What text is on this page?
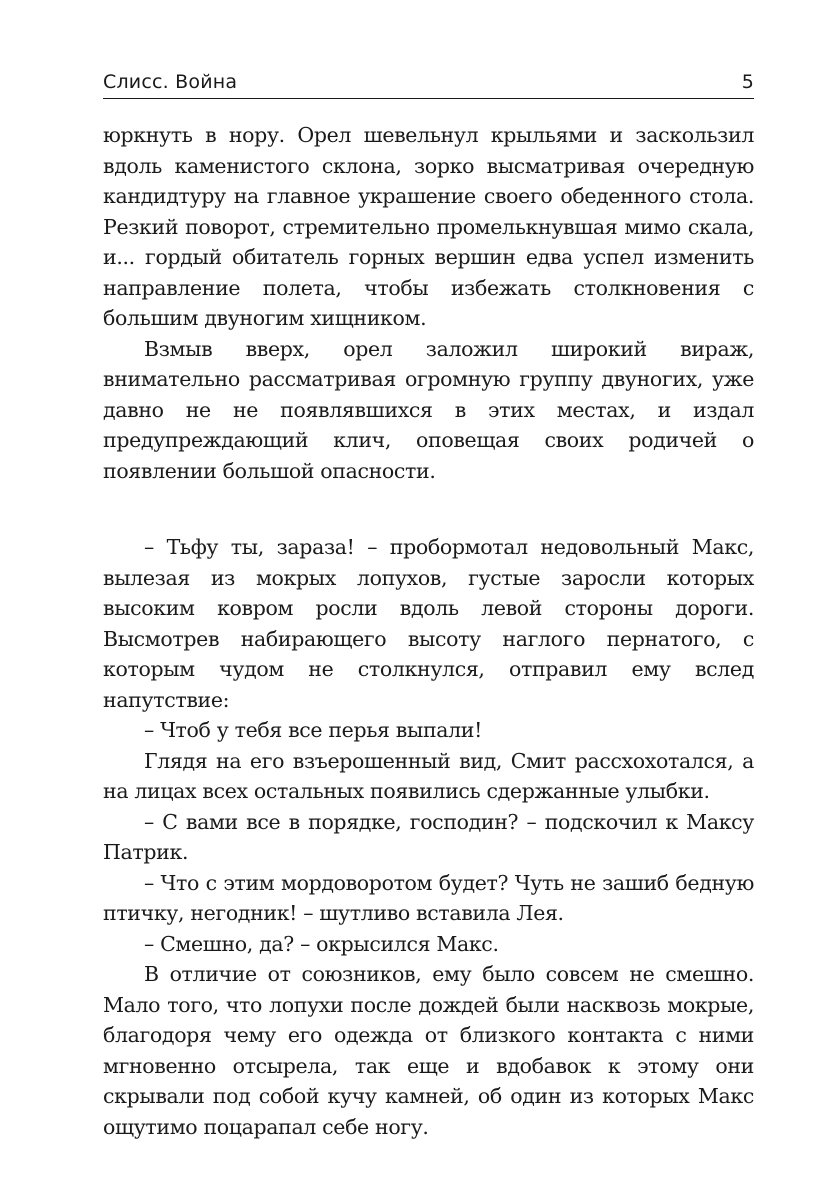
Слисс. Война	5

юркнуть в нору. Орел шевельнул крыльями и заскользил вдоль каменистого склона, зорко высматривая очередную кандидтуру на главное украшение своего обеденного стола. Резкий поворот, стремительно промелькнувшая мимо скала, и... гордый обитатель горных вершин едва успел изменить направление полета, чтобы избежать столкновения с большим двуногим хищником.

Взмыв вверх, орел заложил широкий вираж, внимательно рассматривая огромную группу двуногих, уже давно не не появлявшихся в этих местах, и издал предупреждающий клич, оповещая своих родичей о появлении большой опасности.

– Тьфу ты, зараза! – пробормотал недовольный Макс, вылезая из мокрых лопухов, густые заросли которых высоким ковром росли вдоль левой стороны дороги. Высмотрев набирающего высоту наглого пернатого, с которым чудом не столкнулся, отправил ему вслед напутствие:

– Чтоб у тебя все перья выпали!

Глядя на его взъерошенный вид, Смит рассхохотался, а на лицах всех остальных появились сдержанные улыбки.

– С вами все в порядке, господин? – подскочил к Максу Патрик.

– Что с этим мордоворотом будет? Чуть не зашиб бедную птичку, негодник! – шутливо вставила Лея.

– Смешно, да? – окрысился Макс.

В отличие от союзников, ему было совсем не смешно. Мало того, что лопухи после дождей были насквозь мокрые, благодоря чему его одежда от близкого контакта с ними мгновенно отсырела, так еще и вдобавок к этому они скрывали под собой кучу камней, об один из которых Макс ощутимо поцарапал себе ногу.
